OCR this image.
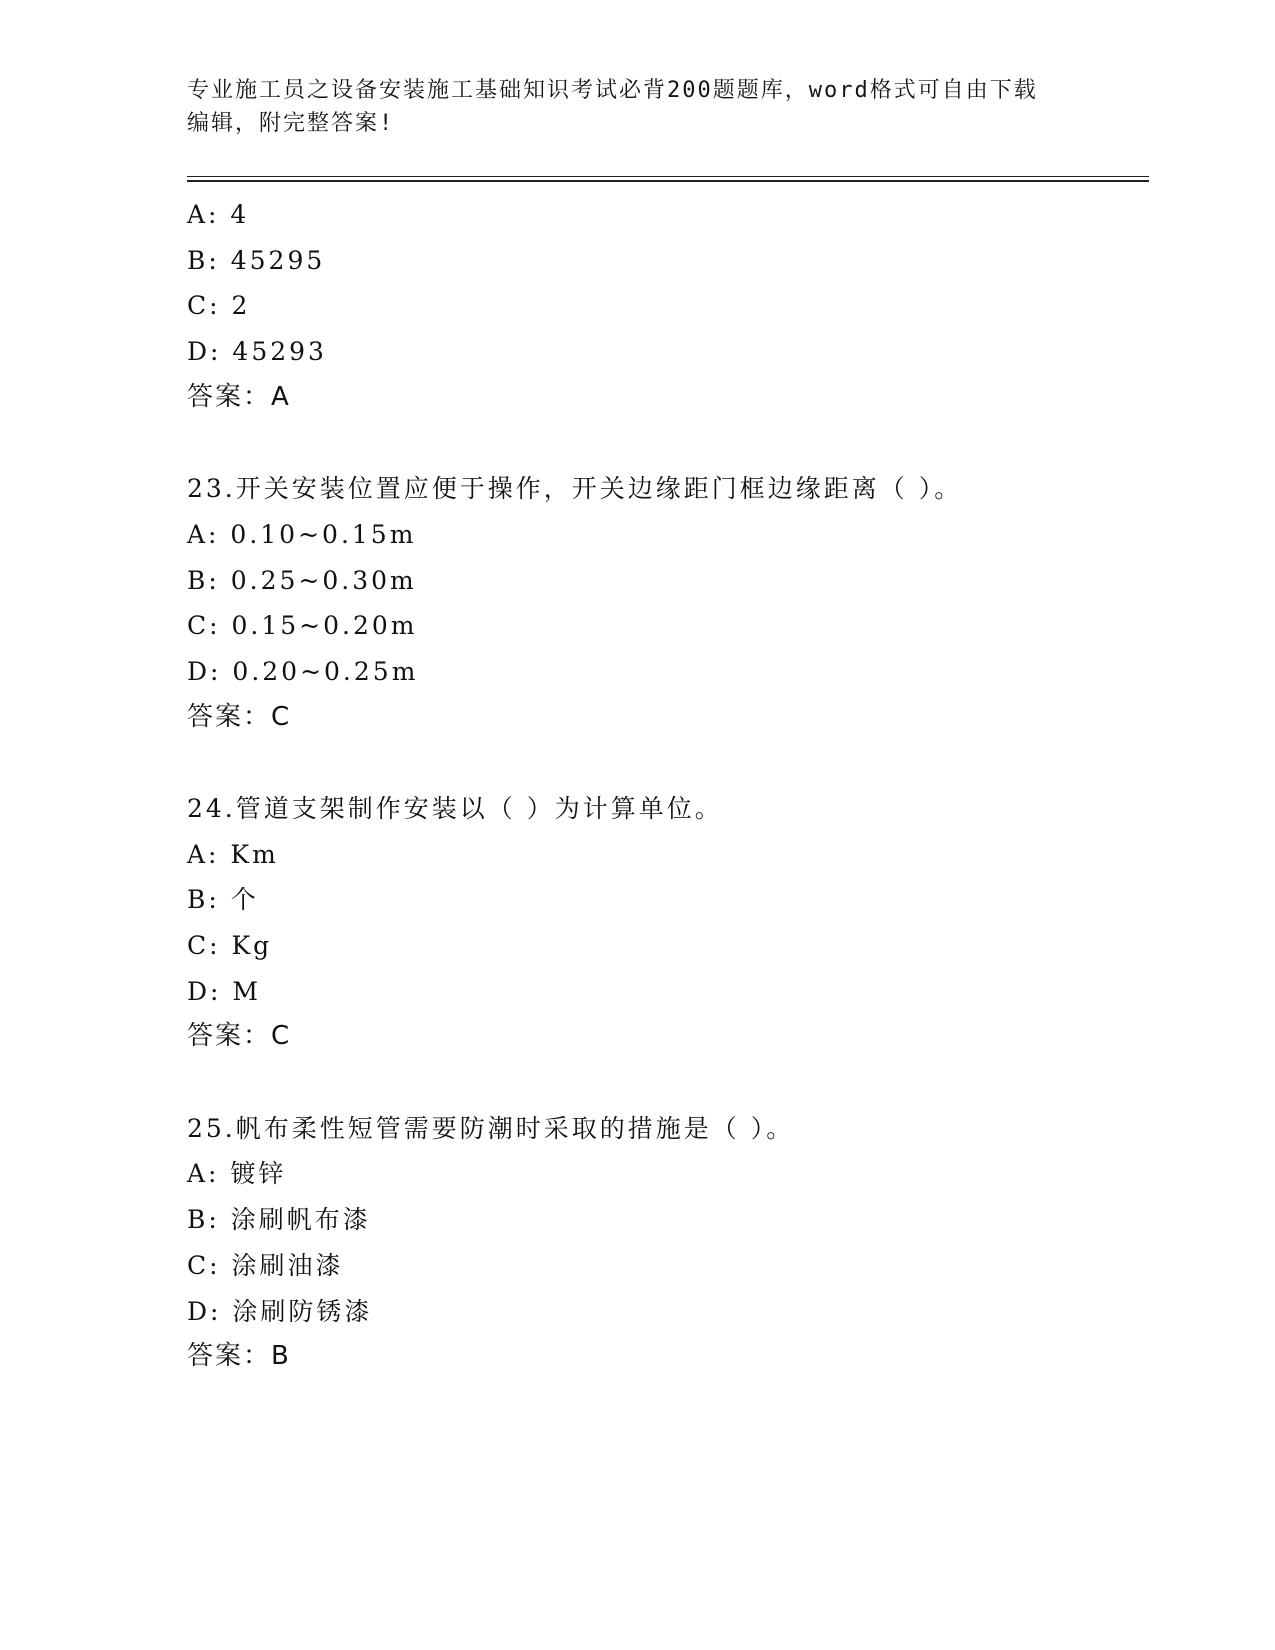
专业施工员之设备安装施工基础知识考试必背200题题库，word格式可自由下载
编辑，附完整答案!
A: 4
B: 45295
C: 2
D: 45293
答案：A
23.开关安装位置应便于操作，开关边缘距门框边缘距离（ ）。
A: 0.10~0.15m
B: 0.25~0.30m
C: 0.15~0.20m
D: 0.20~0.25m
答案：C
24.管道支架制作安装以（ ）为计算单位。
A: Km
B: 个
C: Kg
D: M
答案：C
25.帆布柔性短管需要防潮时采取的措施是（ ）。
A: 镀锌
B: 涂刷帆布漆
C: 涂刷油漆
D: 涂刷防锈漆
答案：B
